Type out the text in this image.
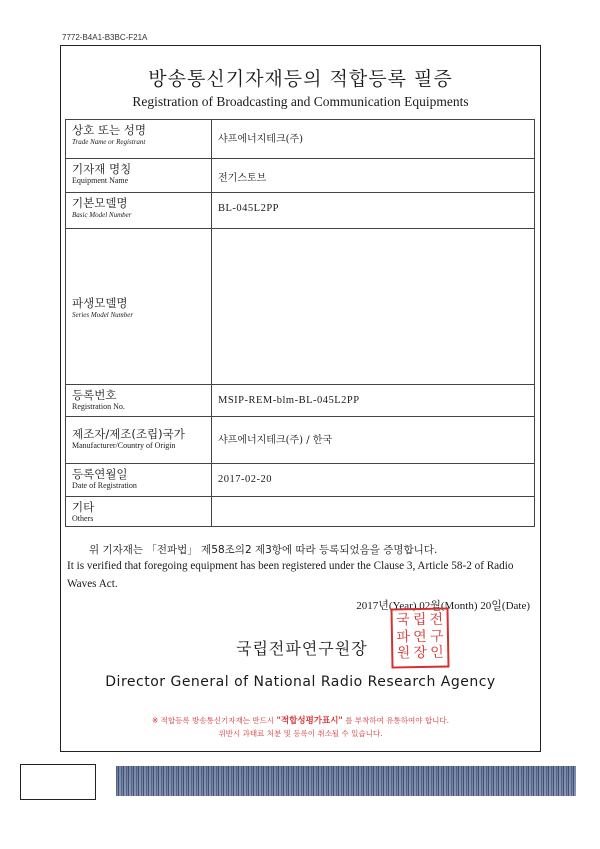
7772-B4A1-B3BC-F21A
방송통신기자재등의 적합등록 필증
Registration of Broadcasting and Communication Equipments
상호 또는 성명
Trade Name or Registrant	샤프에너지테크(주)

기자재 명칭
Equipment Name	전기스토브

기본모델명
Basic Model Number	BL-045L2PP

파생모델명
Series Model Number	

등록번호
Registration No.	MSIP-REM-blm-BL-045L2PP

제조자/제조(조립)국가
Manufacturer/Country of Origin	샤프에너지테크(주) / 한국

등록연월일
Date of Registration	2017-02-20

기타
Others	

위 기자재는 「전파법」 제58조의2 제3항에 따라 등록되었음을 증명합니다.
It is verified that foregoing equipment has been registered under the Clause 3, Article 58-2 of Radio Waves Act.
2017년(Year) 02월(Month) 20일(Date)
국립전파연구원장
국 립 전
파 연 구
원 장 인
Director General of National Radio Research Agency
※ 적합등록 방송통신기자재는 반드시 "적합성평가표시" 를 부착하여 유통하여야 합니다.
위반시 과태료 처분 및 등록이 취소될 수 있습니다.
